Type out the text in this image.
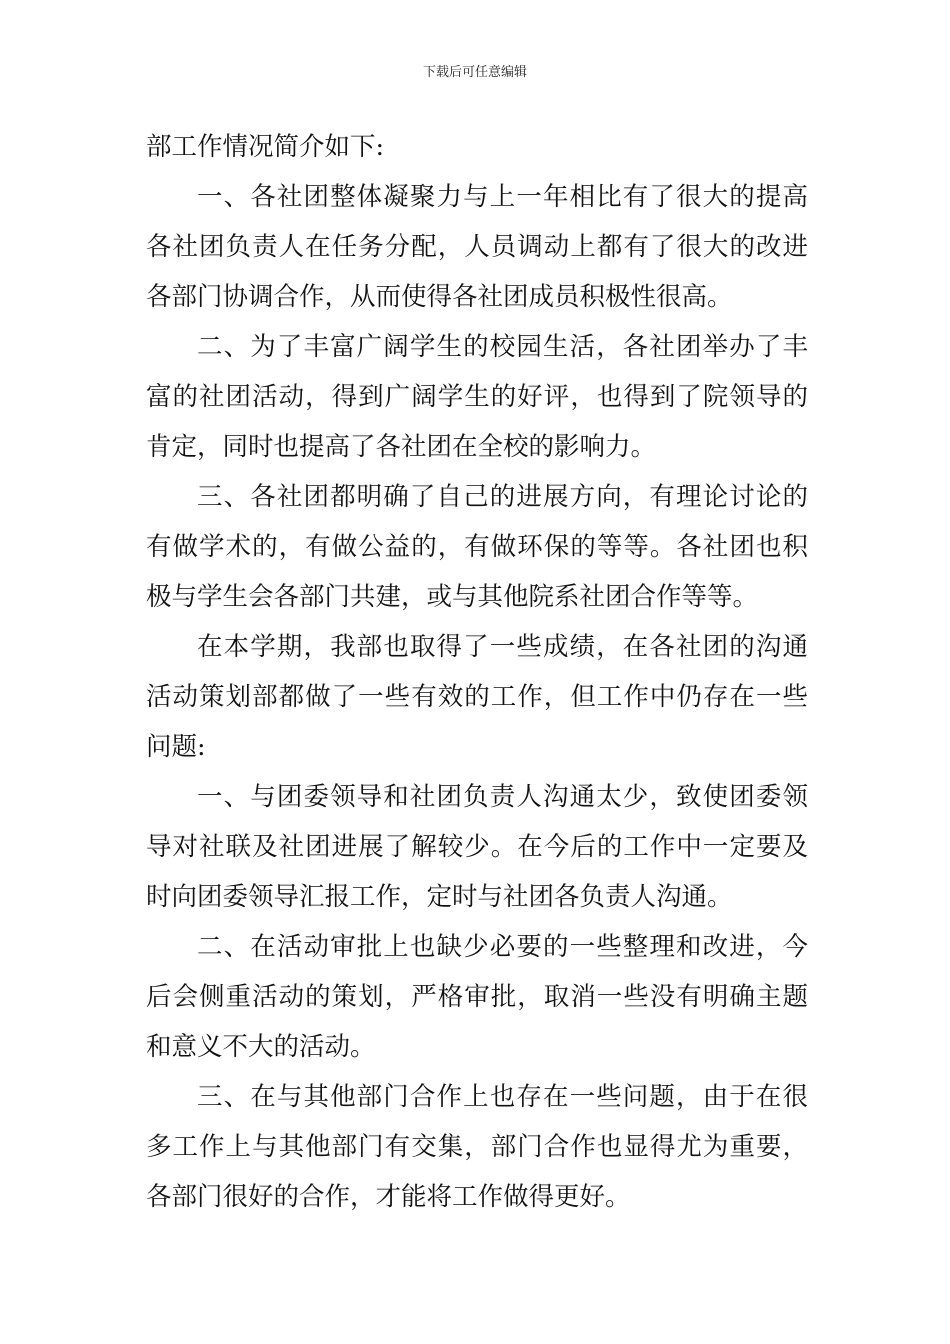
下载后可任意编辑

部工作情况简介如下:

一、各社团整体凝聚力与上一年相比有了很大的提高各社团负责人在任务分配，人员调动上都有了很大的改进各部门协调合作，从而使得各社团成员积极性很高。

二、为了丰富广阔学生的校园生活，各社团举办了丰富的社团活动，得到广阔学生的好评，也得到了院领导的肯定，同时也提高了各社团在全校的影响力。

三、各社团都明确了自己的进展方向，有理论讨论的有做学术的，有做公益的，有做环保的等等。各社团也积极与学生会各部门共建，或与其他院系社团合作等等。

在本学期，我部也取得了一些成绩，在各社团的沟通活动策划部都做了一些有效的工作，但工作中仍存在一些问题:

一、与团委领导和社团负责人沟通太少，致使团委领导对社联及社团进展了解较少。在今后的工作中一定要及时向团委领导汇报工作，定时与社团各负责人沟通。

二、在活动审批上也缺少必要的一些整理和改进，今后会侧重活动的策划，严格审批，取消一些没有明确主题和意义不大的活动。

三、在与其他部门合作上也存在一些问题，由于在很多工作上与其他部门有交集，部门合作也显得尤为重要，各部门很好的合作，才能将工作做得更好。
